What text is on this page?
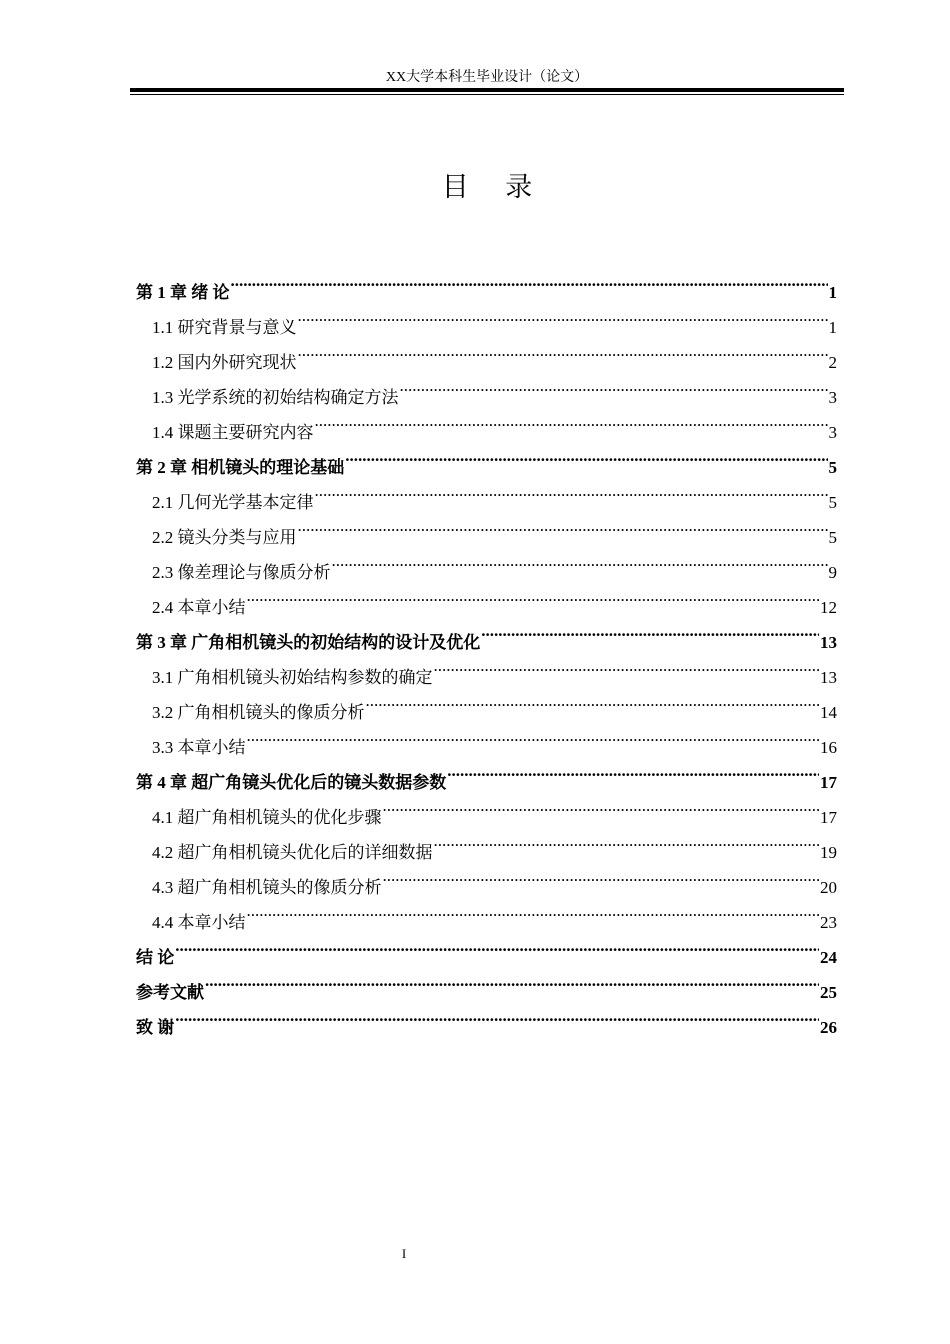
XX大学本科生毕业设计（论文）
目 录
第 1 章 绪 论 .....	1
1.1 研究背景与意义 .....	1
1.2 国内外研究现状 .....	2
1.3 光学系统的初始结构确定方法 .....	3
1.4 课题主要研究内容 .....	3
第 2 章 相机镜头的理论基础 .....	5
2.1 几何光学基本定律 .....	5
2.2 镜头分类与应用 .....	5
2.3 像差理论与像质分析 .....	9
2.4 本章小结 .....	12
第 3 章 广角相机镜头的初始结构的设计及优化 .....	13
3.1 广角相机镜头初始结构参数的确定 .....	13
3.2 广角相机镜头的像质分析 .....	14
3.3 本章小结 .....	16
第 4 章 超广角镜头优化后的镜头数据参数 .....	17
4.1 超广角相机镜头的优化步骤 .....	17
4.2 超广角相机镜头优化后的详细数据 .....	19
4.3 超广角相机镜头的像质分析 .....	20
4.4 本章小结 .....	23
结 论 .....	24
参考文献 .....	25
致 谢 .....	26
I
